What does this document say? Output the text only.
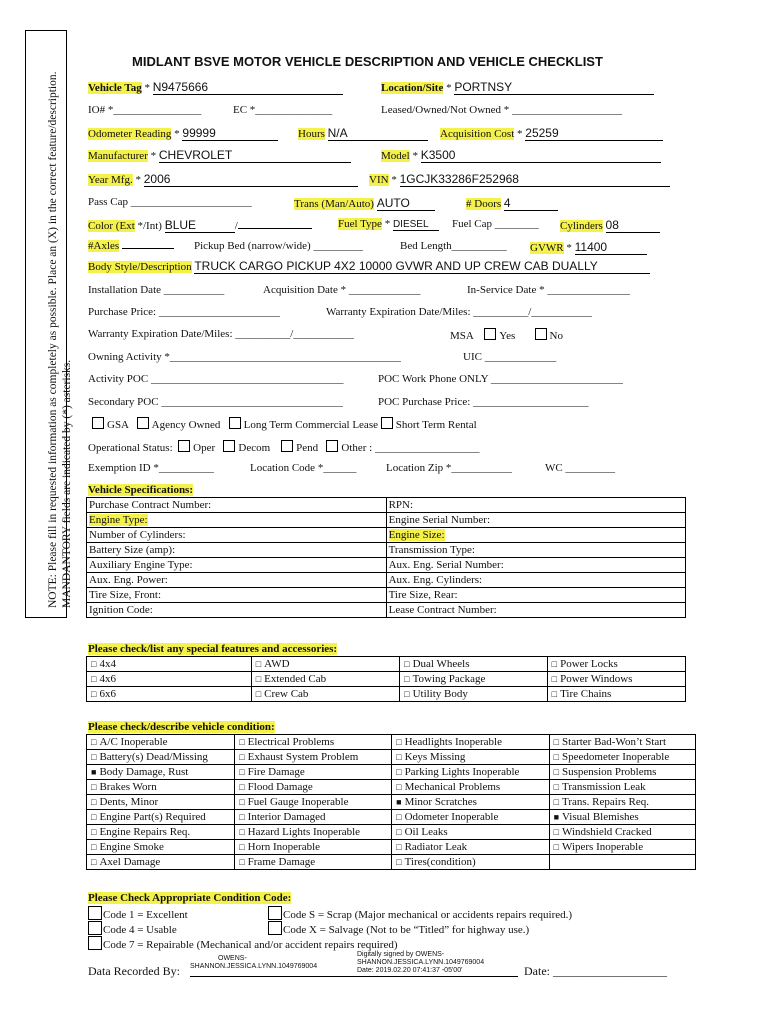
NOTE: Please fill in requested information as completely as possible. Place an (X) in the correct feature/description. MANDANTORY fields are indicated by (*) asterisks.
MIDLANT BSVE MOTOR VEHICLE DESCRIPTION AND VEHICLE CHECKLIST
Vehicle Tag * N9475666	Location/Site * PORTNSY
IO# *________________	EC *______________	Leased/Owned/Not Owned * ____________________
Odometer Reading * 99999	Hours N/A	Acquisition Cost * 25259
Manufacturer * CHEVROLET	Model * K3500
Year Mfg. * 2006	VIN * 1GCJK33286F252968
Pass Cap ______________________	Trans (Man/Auto) AUTO	# Doors 4
Color (Ext */Int) BLUE	/	Fuel Type * DIESEL	Fuel Cap ________ Cylinders 08
#Axles	Pickup Bed (narrow/wide) _________	Bed Length__________ GVWR * 11400
Body Style/Description TRUCK CARGO PICKUP 4X2 10000 GVWR AND UP CREW CAB DUALLY
Installation Date ___________	Acquisition Date * _____________	In-Service Date * _______________
Purchase Price: ______________________	Warranty Expiration Date/Miles: __________/___________
Warranty Expiration Date/Miles: __________/___________	MSA Yes	No
Owning Activity *__________________________________________	UIC _____________
Activity POC ___________________________________	POC Work Phone ONLY ________________________
Secondary POC _________________________________	POC Purchase Price: _____________________
GSA Agency Owned Long Term Commercial Lease Short Term Rental
Operational Status: Oper Decom Pend Other : ___________________
Exemption ID *__________	Location Code *______	Location Zip *___________	WC _________
Vehicle Specifications:
Purchase Contract Number:	RPN:
Engine Type:	Engine Serial Number:
Number of Cylinders:	Engine Size:
Battery Size (amp):	Transmission Type:
Auxiliary Engine Type:	Aux. Eng. Serial Number:
Aux. Eng. Power:	Aux. Eng. Cylinders:
Tire Size, Front:	Tire Size, Rear:
Ignition Code:	Lease Contract Number:
Please check/list any special features and accessories:
□ 4x4	□ AWD	□ Dual Wheels	□ Power Locks
□ 4x6	□ Extended Cab	□ Towing Package	□ Power Windows
□ 6x6	□ Crew Cab	□ Utility Body	□ Tire Chains
Please check/describe vehicle condition:
□ A/C Inoperable	□ Electrical Problems	□ Headlights Inoperable	□ Starter Bad-Won’t Start
□ Battery(s) Dead/Missing	□ Exhaust System Problem	□ Keys Missing	□ Speedometer Inoperable
■ Body Damage, Rust	□ Fire Damage	□ Parking Lights Inoperable	□ Suspension Problems
□ Brakes Worn	□ Flood Damage	□ Mechanical Problems	□ Transmission Leak
□ Dents, Minor	□ Fuel Gauge Inoperable	■ Minor Scratches	□ Trans. Repairs Req.
□ Engine Part(s) Required	□ Interior Damaged	□ Odometer Inoperable	■ Visual Blemishes
□ Engine Repairs Req.	□ Hazard Lights Inoperable	□ Oil Leaks	□ Windshield Cracked
□ Engine Smoke	□ Horn Inoperable	□ Radiator Leak	□ Wipers Inoperable
□ Axel Damage	□ Frame Damage	□ Tires(condition)	
Please Check Appropriate Condition Code:
Code 1 = Excellent	Code S = Scrap (Major mechanical or accidents repairs required.)
Code 4 = Usable	Code X = Salvage (Not to be “Titled” for highway use.)
Code 7 = Repairable (Mechanical and/or accident repairs required)
Data Recorded By:
OWENS-
SHANNON.JESSICA.LYNN.1049769004
Digitally signed by OWENS-
SHANNON.JESSICA.LYNN.1049769004
Date: 2019.02.20 07:41:37 -05'00'	Date: ___________________
